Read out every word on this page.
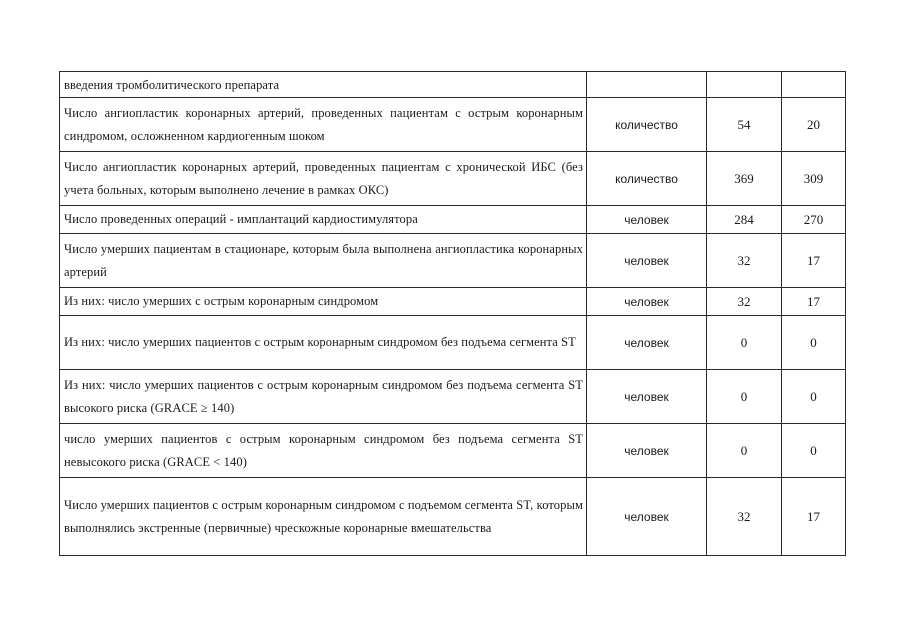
введения тромболитического препарата			
Число ангиопластик коронарных артерий, проведенных пациентам с острым коронарным синдромом, осложненном кардиогенным шоком	количество	54	20
Число ангиопластик коронарных артерий, проведенных пациентам с хронической ИБС (без учета больных, которым выполнено лечение в рамках ОКС)	количество	369	309
Число проведенных операций - имплантаций кардиостимулятора	человек	284	270
Число умерших пациентам в стационаре, которым была выполнена ангиопластика коронарных артерий	человек	32	17
Из них: число умерших с острым коронарным синдромом	человек	32	17
Из них: число умерших пациентов с острым коронарным синдромом без подъема сегмента ST	человек	0	0
Из них: число умерших пациентов с острым коронарным синдромом без подъема сегмента ST высокого риска (GRACE ≥ 140)	человек	0	0
число умерших пациентов с острым коронарным синдромом без подъема сегмента ST невысокого риска (GRACE < 140)	человек	0	0
Число умерших пациентов с острым коронарным синдромом с подъемом сегмента ST, которым выполнялись экстренные (первичные) чрескожные коронарные вмешательства	человек	32	17
